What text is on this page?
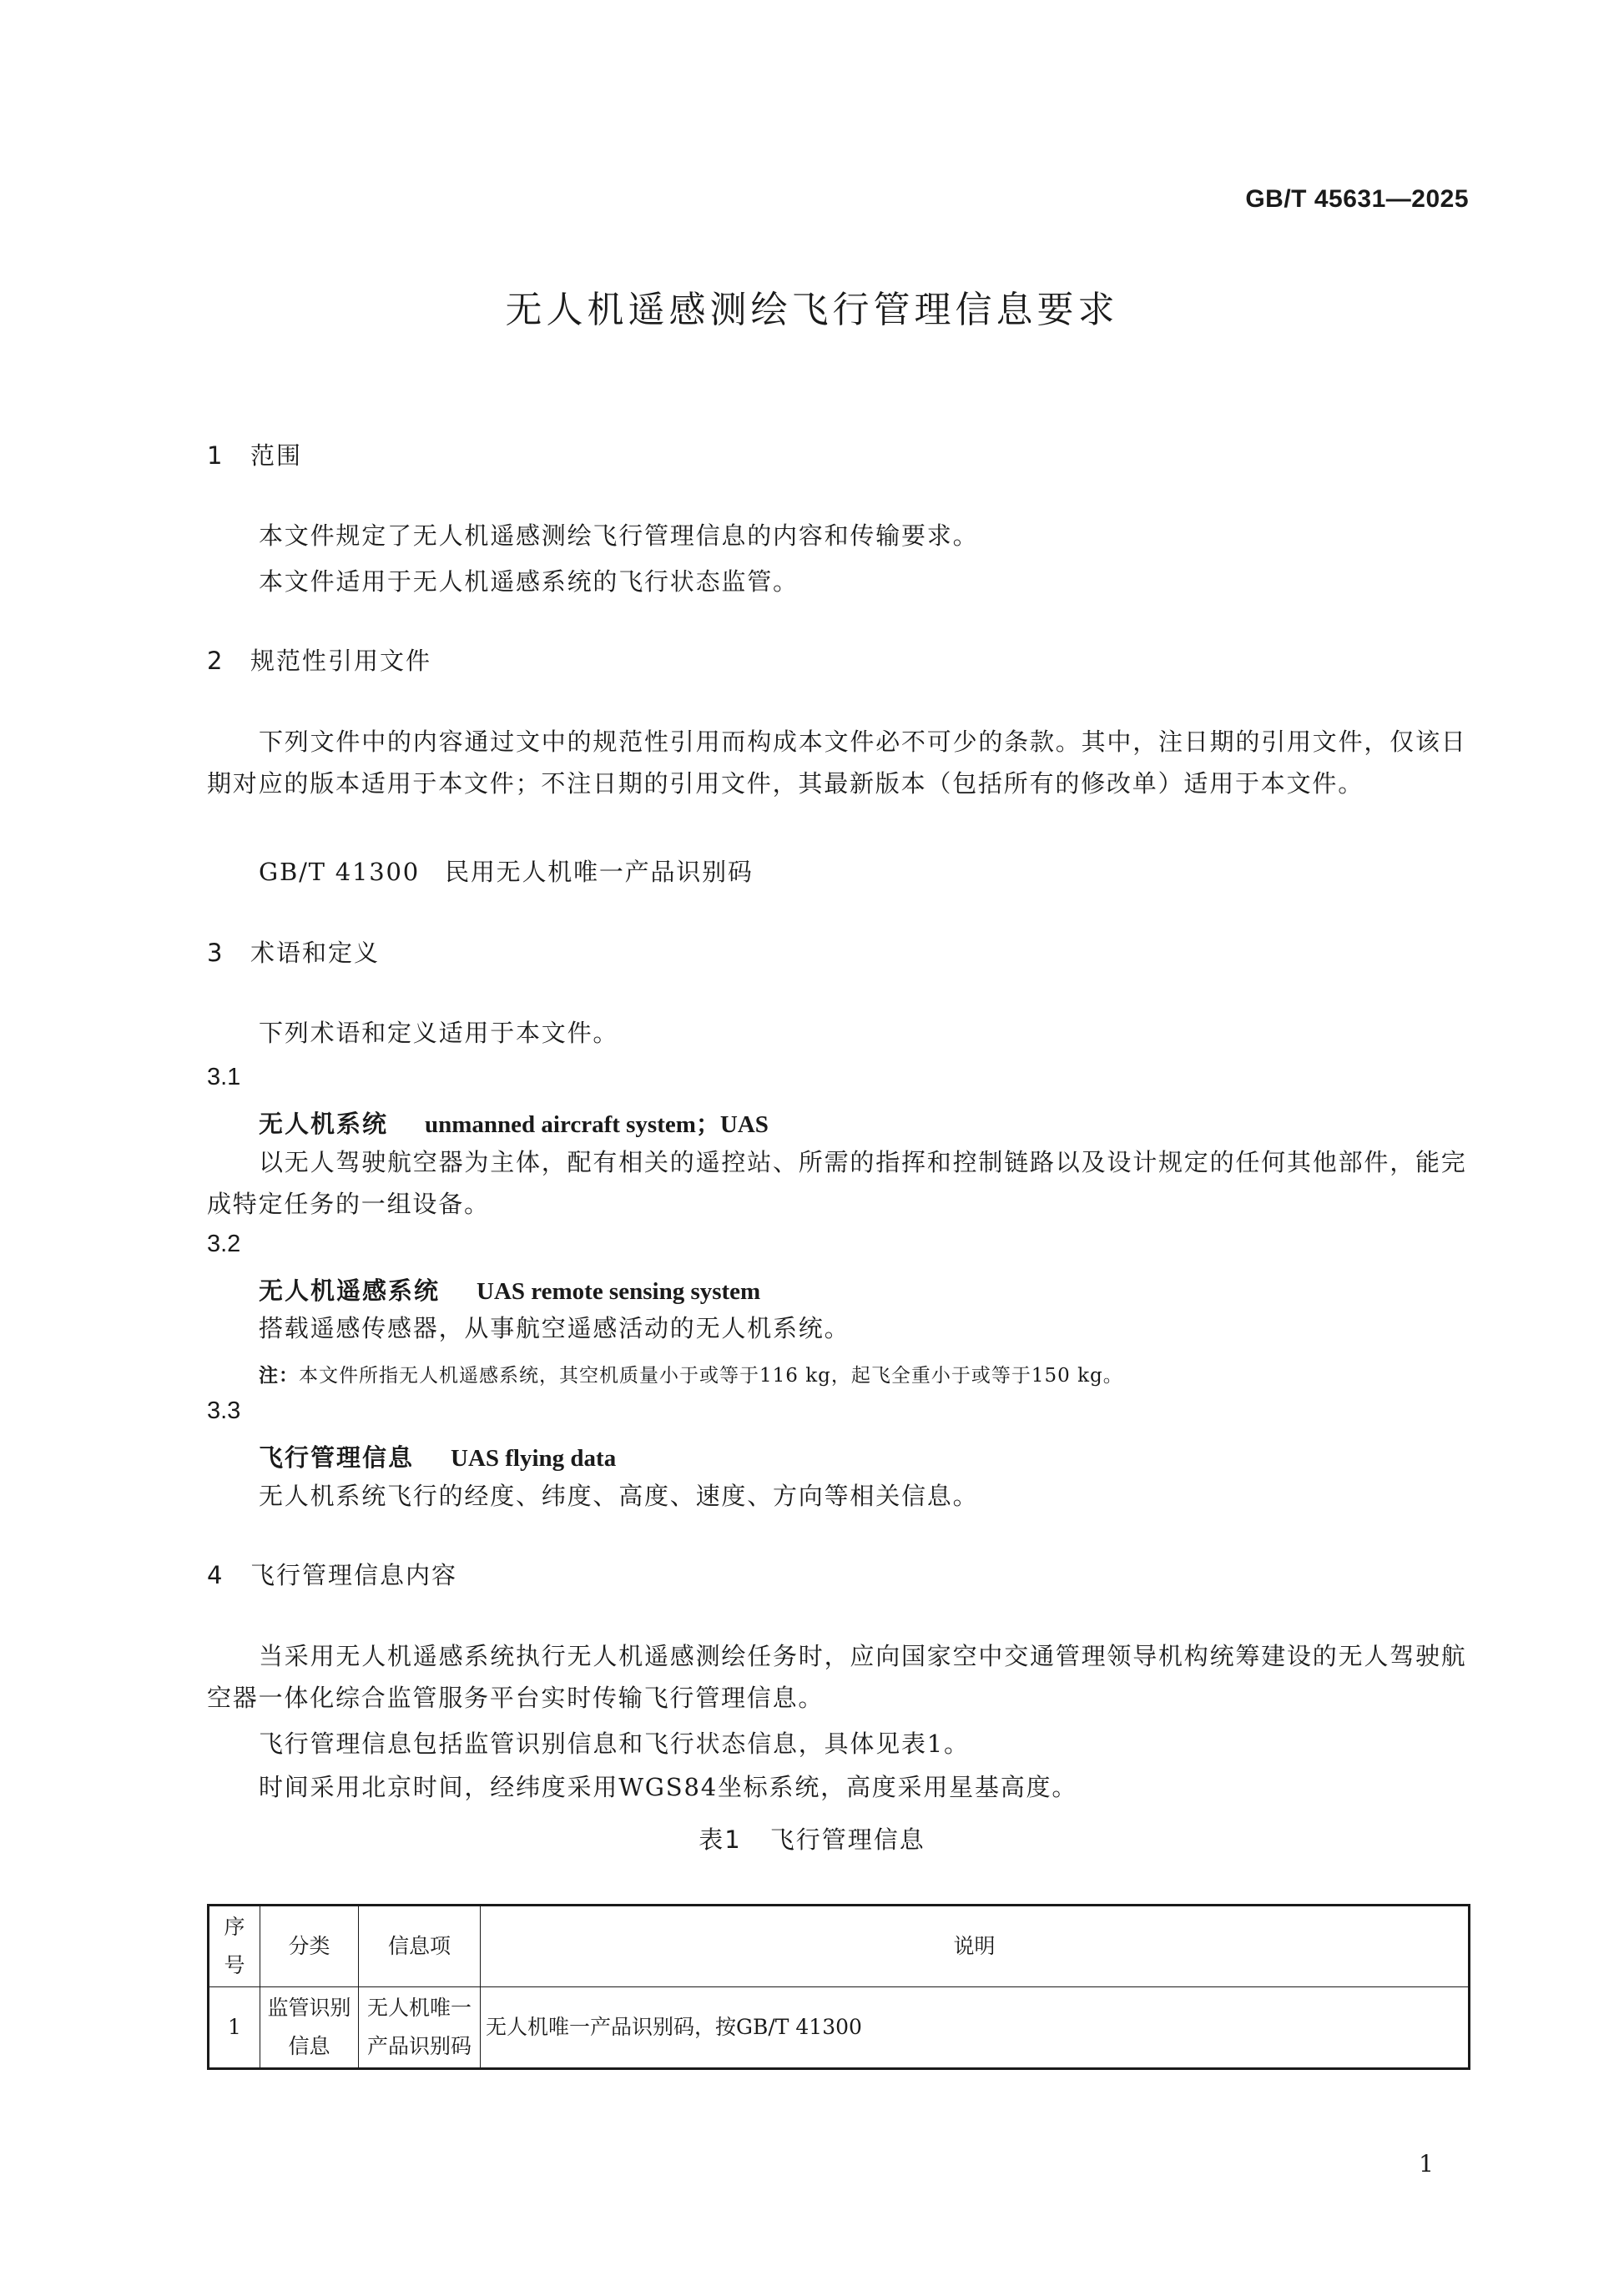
GB/T 45631—2025
无人机遥感测绘飞行管理信息要求
1 范围
本文件规定了无人机遥感测绘飞行管理信息的内容和传输要求。
本文件适用于无人机遥感系统的飞行状态监管。
2 规范性引用文件
下列文件中的内容通过文中的规范性引用而构成本文件必不可少的条款。其中，注日期的引用文件，仅该日期对应的版本适用于本文件；不注日期的引用文件，其最新版本（包括所有的修改单）适用于本文件。
GB/T 41300 民用无人机唯一产品识别码
3 术语和定义
下列术语和定义适用于本文件。
3.1
无人机系统 unmanned aircraft system；UAS
以无人驾驶航空器为主体，配有相关的遥控站、所需的指挥和控制链路以及设计规定的任何其他部件，能完成特定任务的一组设备。
3.2
无人机遥感系统 UAS remote sensing system
搭载遥感传感器，从事航空遥感活动的无人机系统。
注：本文件所指无人机遥感系统，其空机质量小于或等于116 kg，起飞全重小于或等于150 kg。
3.3
飞行管理信息 UAS flying data
无人机系统飞行的经度、纬度、高度、速度、方向等相关信息。
4 飞行管理信息内容
当采用无人机遥感系统执行无人机遥感测绘任务时，应向国家空中交通管理领导机构统筹建设的无人驾驶航空器一体化综合监管服务平台实时传输飞行管理信息。
飞行管理信息包括监管识别信息和飞行状态信息，具体见表1。
时间采用北京时间，经纬度采用WGS84坐标系统，高度采用星基高度。
表1 飞行管理信息
序号	分类	信息项	说明
1	监管识别信息	无人机唯一产品识别码	无人机唯一产品识别码，按GB/T 41300
1
